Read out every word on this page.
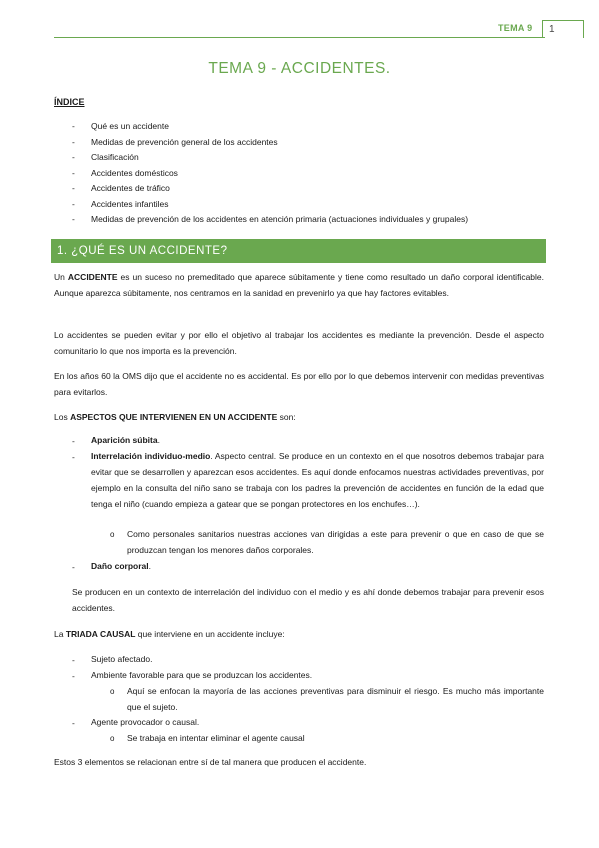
TEMA 9	1
TEMA 9 - ACCIDENTES.
ÍNDICE
- Qué es un accidente
- Medidas de prevención general de los accidentes
- Clasificación
- Accidentes domésticos
- Accidentes de tráfico
- Accidentes infantiles
- Medidas de prevención de los accidentes en atención primaria (actuaciones individuales y grupales)
1. ¿QUÉ ES UN ACCIDENTE?

Un ACCIDENTE es un suceso no premeditado que aparece súbitamente y tiene como resultado un daño corporal identificable. Aunque aparezca súbitamente, nos centramos en la sanidad en prevenirlo ya que hay factores evitables.

Lo accidentes se pueden evitar y por ello el objetivo al trabajar los accidentes es mediante la prevención. Desde el aspecto comunitario lo que nos importa es la prevención.

En los años 60 la OMS dijo que el accidente no es accidental. Es por ello por lo que debemos intervenir con medidas preventivas para evitarlos.

Los ASPECTOS QUE INTERVIENEN EN UN ACCIDENTE son:

- Aparición súbita.

- Interrelación individuo-medio. Aspecto central. Se produce en un contexto en el que nosotros debemos trabajar para evitar que se desarrollen y aparezcan esos accidentes. Es aquí donde enfocamos nuestras actividades preventivas, por ejemplo en la consulta del niño sano se trabaja con los padres la prevención de accidentes en función de la edad que tenga el niño (cuando empieza a gatear que se pongan protectores en los enchufes…).

o Como personales sanitarios nuestras acciones van dirigidas a este para prevenir o que en caso de que se produzcan tengan los menores daños corporales.

- Daño corporal.

Se producen en un contexto de interrelación del individuo con el medio y es ahí donde debemos trabajar para prevenir esos accidentes.

La TRIADA CAUSAL que interviene en un accidente incluye:

- Sujeto afectado.

- Ambiente favorable para que se produzcan los accidentes.

o Aquí se enfocan la mayoría de las acciones preventivas para disminuir el riesgo. Es mucho más importante que el sujeto.

- Agente provocador o causal.

o Se trabaja en intentar eliminar el agente causal

Estos 3 elementos se relacionan entre sí de tal manera que producen el accidente.
